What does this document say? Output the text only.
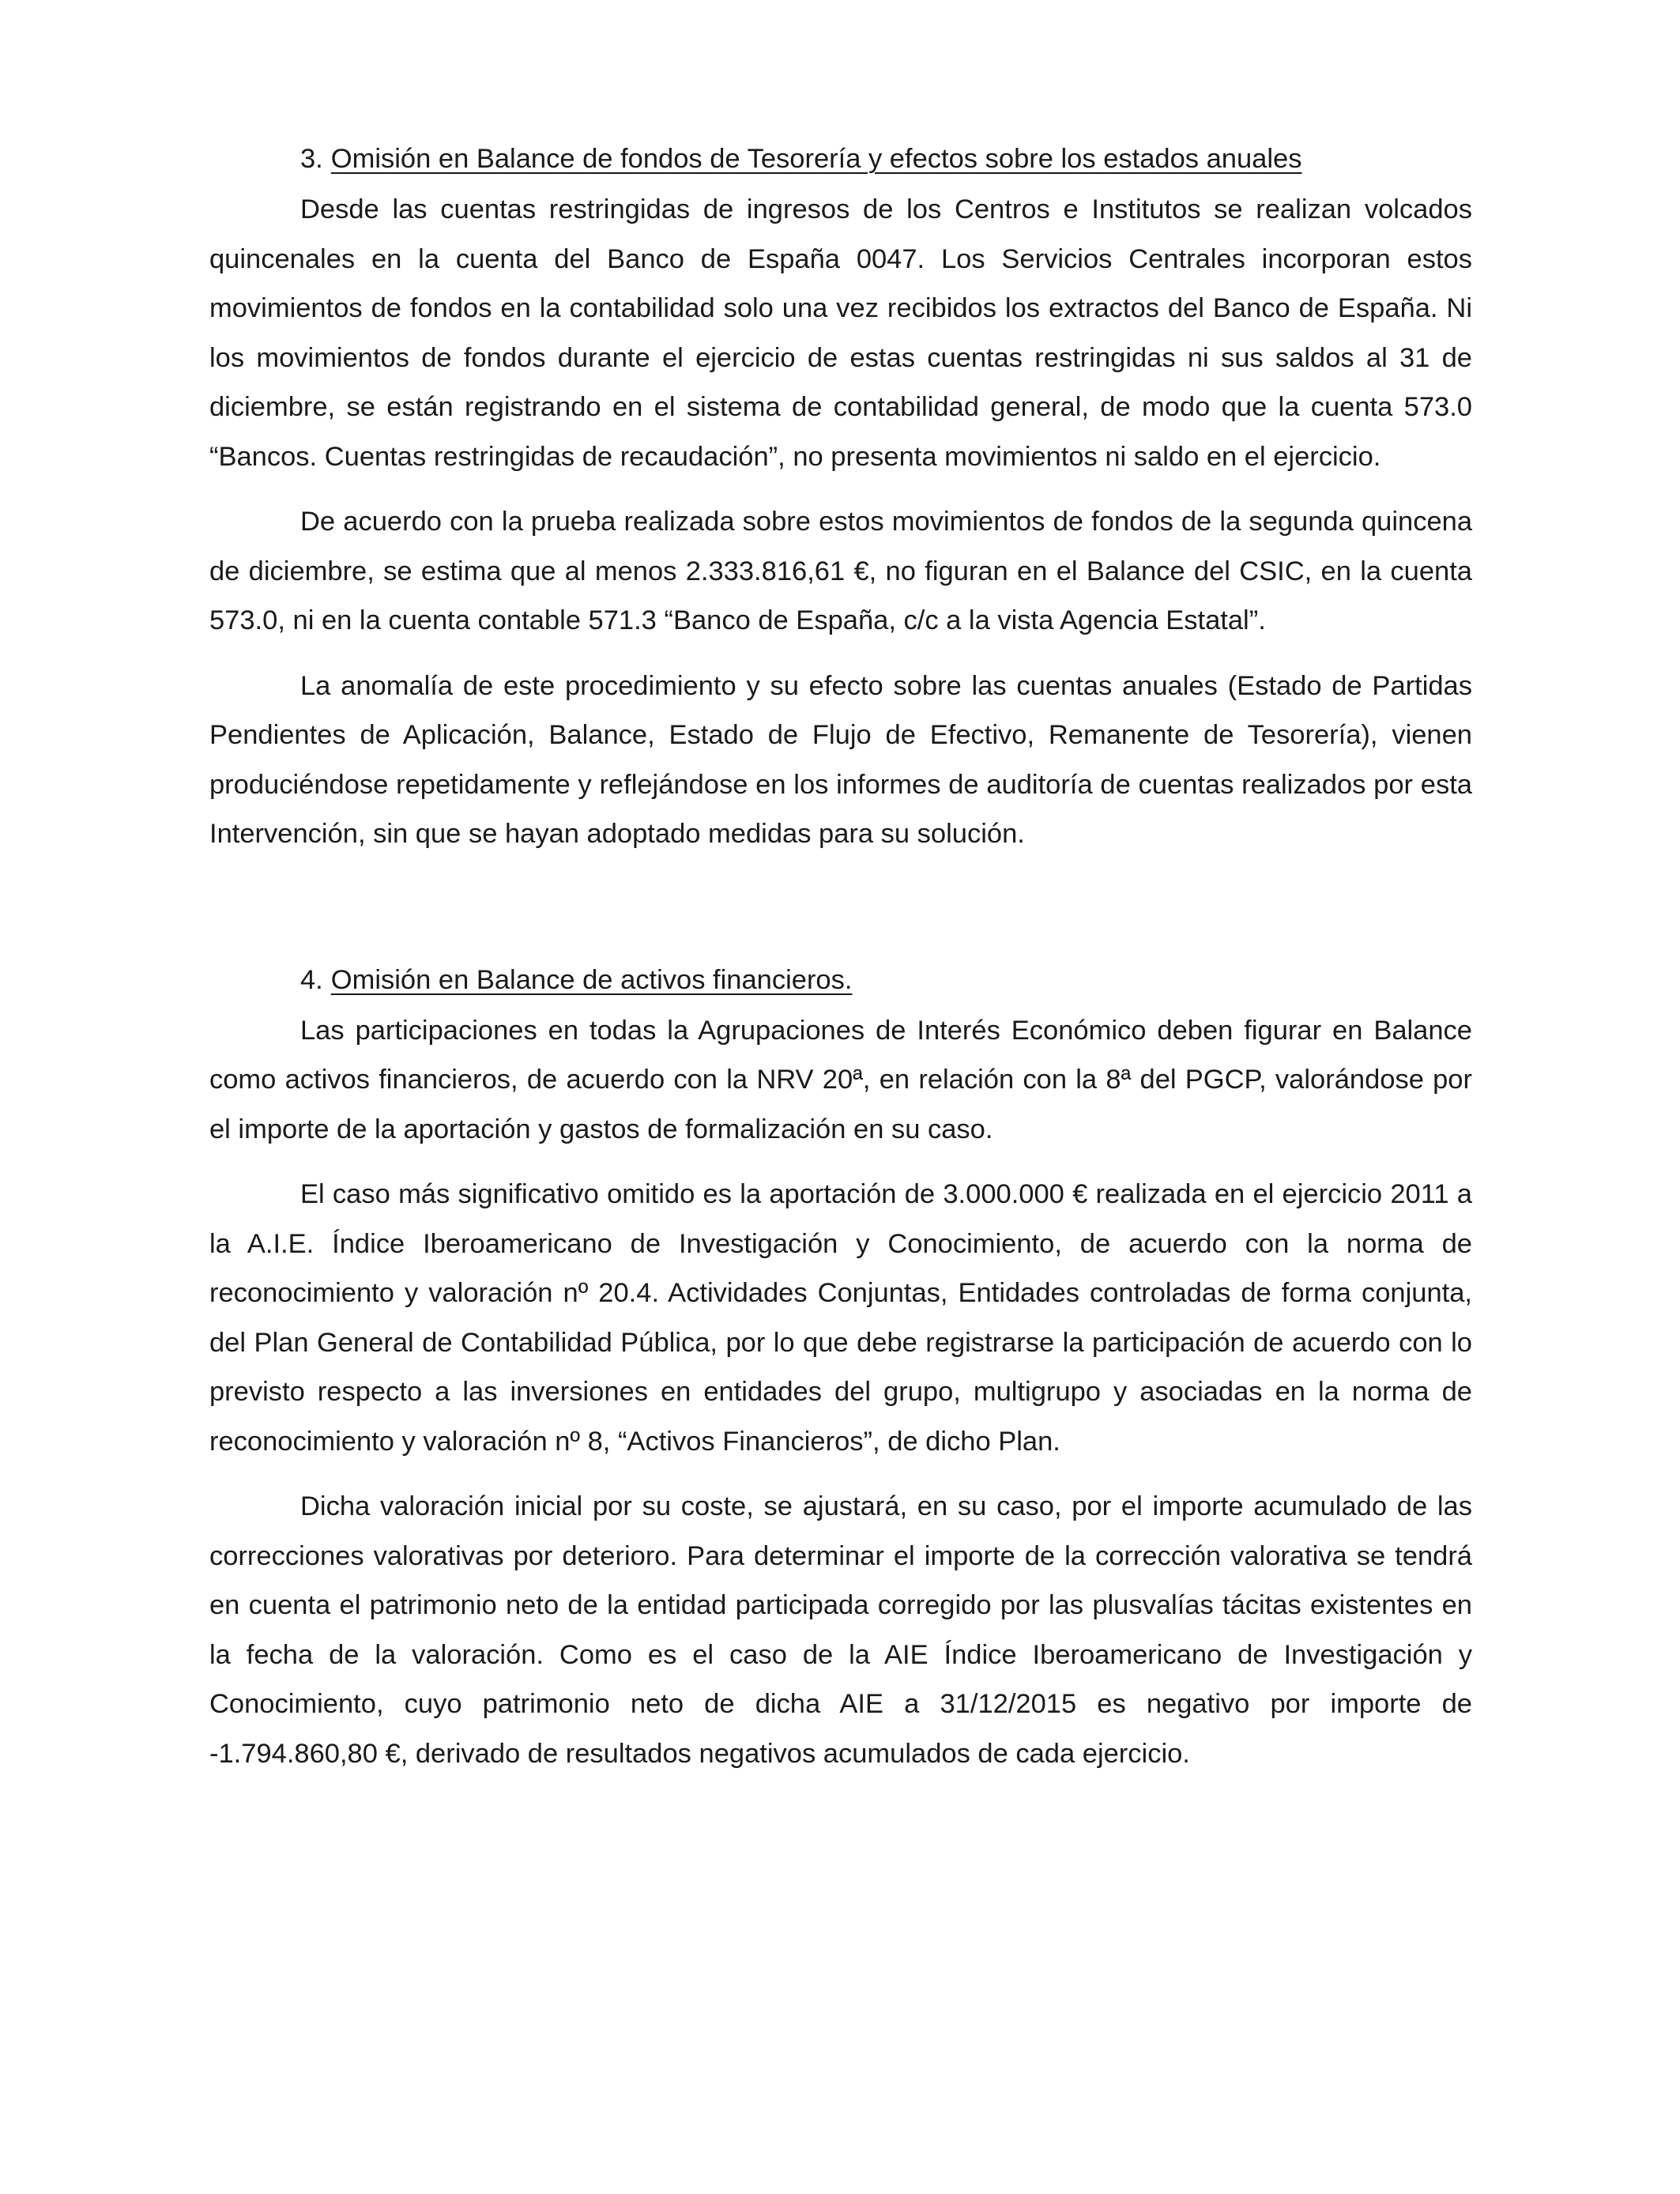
3. Omisión en Balance de fondos de Tesorería y efectos sobre los estados anuales

Desde las cuentas restringidas de ingresos de los Centros e Institutos se realizan volcados quincenales en la cuenta del Banco de España 0047. Los Servicios Centrales incorporan estos movimientos de fondos en la contabilidad solo una vez recibidos los extractos del Banco de España. Ni los movimientos de fondos durante el ejercicio de estas cuentas restringidas ni sus saldos al 31 de diciembre, se están registrando en el sistema de contabilidad general, de modo que la cuenta 573.0 “Bancos. Cuentas restringidas de recaudación”, no presenta movimientos ni saldo en el ejercicio.

De acuerdo con la prueba realizada sobre estos movimientos de fondos de la segunda quincena de diciembre, se estima que al menos 2.333.816,61 €, no figuran en el Balance del CSIC, en la cuenta 573.0, ni en la cuenta contable 571.3 “Banco de España, c/c a la vista Agencia Estatal”.

La anomalía de este procedimiento y su efecto sobre las cuentas anuales (Estado de Partidas Pendientes de Aplicación, Balance, Estado de Flujo de Efectivo, Remanente de Tesorería), vienen produciéndose repetidamente y reflejándose en los informes de auditoría de cuentas realizados por esta Intervención, sin que se hayan adoptado medidas para su solución.

4. Omisión en Balance de activos financieros.

Las participaciones en todas la Agrupaciones de Interés Económico deben figurar en Balance como activos financieros, de acuerdo con la NRV 20ª, en relación con la 8ª del PGCP, valorándose por el importe de la aportación y gastos de formalización en su caso.

El caso más significativo omitido es la aportación de 3.000.000 € realizada en el ejercicio 2011 a la A.I.E. Índice Iberoamericano de Investigación y Conocimiento, de acuerdo con la norma de reconocimiento y valoración nº 20.4. Actividades Conjuntas, Entidades controladas de forma conjunta, del Plan General de Contabilidad Pública, por lo que debe registrarse la participación de acuerdo con lo previsto respecto a las inversiones en entidades del grupo, multigrupo y asociadas en la norma de reconocimiento y valoración nº 8, “Activos Financieros”, de dicho Plan.

Dicha valoración inicial por su coste, se ajustará, en su caso, por el importe acumulado de las correcciones valorativas por deterioro. Para determinar el importe de la corrección valorativa se tendrá en cuenta el patrimonio neto de la entidad participada corregido por las plusvalías tácitas existentes en la fecha de la valoración. Como es el caso de la AIE Índice Iberoamericano de Investigación y Conocimiento, cuyo patrimonio neto de dicha AIE a 31/12/2015 es negativo por importe de -1.794.860,80 €, derivado de resultados negativos acumulados de cada ejercicio.
